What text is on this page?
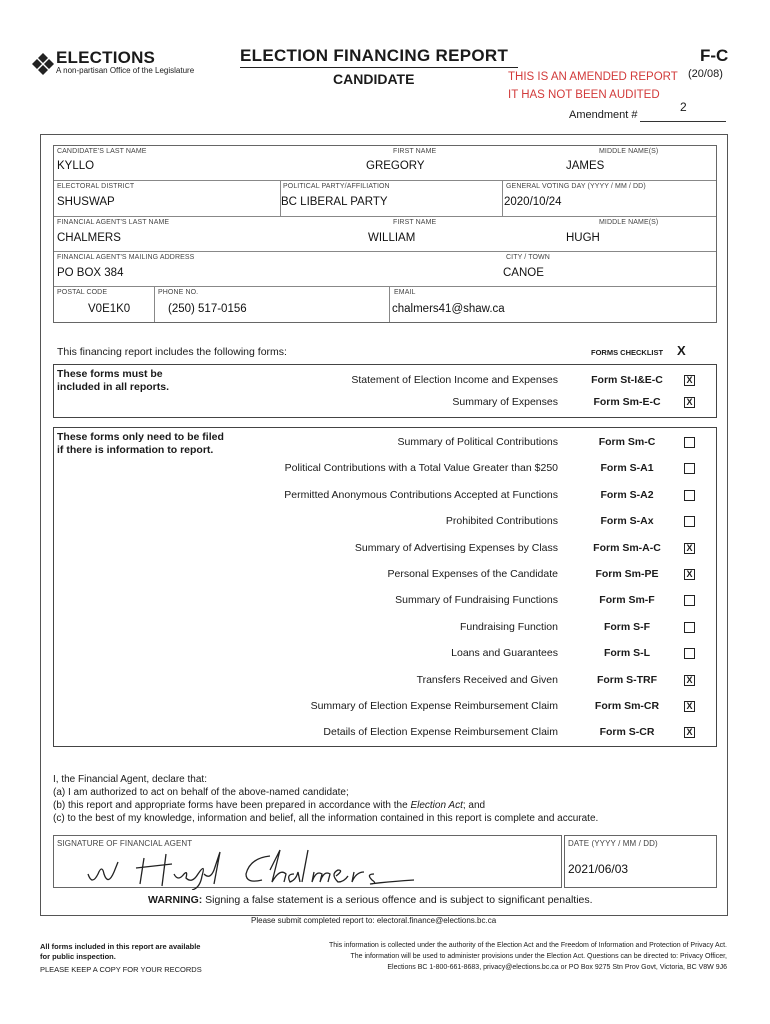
ELECTIONS
A non-partisan Office of the Legislature
ELECTION FINANCING REPORT
CANDIDATE
F-C
(20/08)
THIS IS AN AMENDED REPORT
IT HAS NOT BEEN AUDITED
Amendment #
2
CANDIDATE'S LAST NAME
KYLLO
FIRST NAME
GREGORY
MIDDLE NAME(S)
JAMES
ELECTORAL DISTRICT
SHUSWAP
POLITICAL PARTY/AFFILIATION
BC LIBERAL PARTY
GENERAL VOTING DAY (YYYY / MM / DD)
2020/10/24
FINANCIAL AGENT'S LAST NAME
CHALMERS
FIRST NAME
WILLIAM
MIDDLE NAME(S)
HUGH
FINANCIAL AGENT'S MAILING ADDRESS
PO BOX 384
CITY / TOWN
CANOE
POSTAL CODE
V0E1K0
PHONE NO.
(250) 517-0156
EMAIL
chalmers41@shaw.ca
This financing report includes the following forms:	FORMS CHECKLIST X
These forms must be
included in all reports.
Statement of Election Income and Expenses	Form St-I&E-C	X
Summary of Expenses	Form Sm-E-C	X
These forms only need to be filed
if there is information to report.
Summary of Political Contributions	Form Sm-C
Political Contributions with a Total Value Greater than $250	Form S-A1
Permitted Anonymous Contributions Accepted at Functions	Form S-A2
Prohibited Contributions	Form S-Ax
Summary of Advertising Expenses by Class	Form Sm-A-C	X
Personal Expenses of the Candidate	Form Sm-PE	X
Summary of Fundraising Functions	Form Sm-F
Fundraising Function	Form S-F
Loans and Guarantees	Form S-L
Transfers Received and Given	Form S-TRF	X
Summary of Election Expense Reimbursement Claim	Form Sm-CR	X
Details of Election Expense Reimbursement Claim	Form S-CR	X
I, the Financial Agent, declare that:
(a) I am authorized to act on behalf of the above-named candidate;
(b) this report and appropriate forms have been prepared in accordance with the Election Act; and
(c) to the best of my knowledge, information and belief, all the information contained in this report is complete and accurate.
SIGNATURE OF FINANCIAL AGENT	DATE (YYYY / MM / DD)
2021/06/03
WARNING: Signing a false statement is a serious offence and is subject to significant penalties.
Please submit completed report to: electoral.finance@elections.bc.ca
All forms included in this report are available
for public inspection.
PLEASE KEEP A COPY FOR YOUR RECORDS
This information is collected under the authority of the Election Act and the Freedom of Information and Protection of Privacy Act.
The information will be used to administer provisions under the Election Act. Questions can be directed to: Privacy Officer,
Elections BC 1-800-661-8683, privacy@elections.bc.ca or PO Box 9275 Stn Prov Govt, Victoria, BC V8W 9J6
